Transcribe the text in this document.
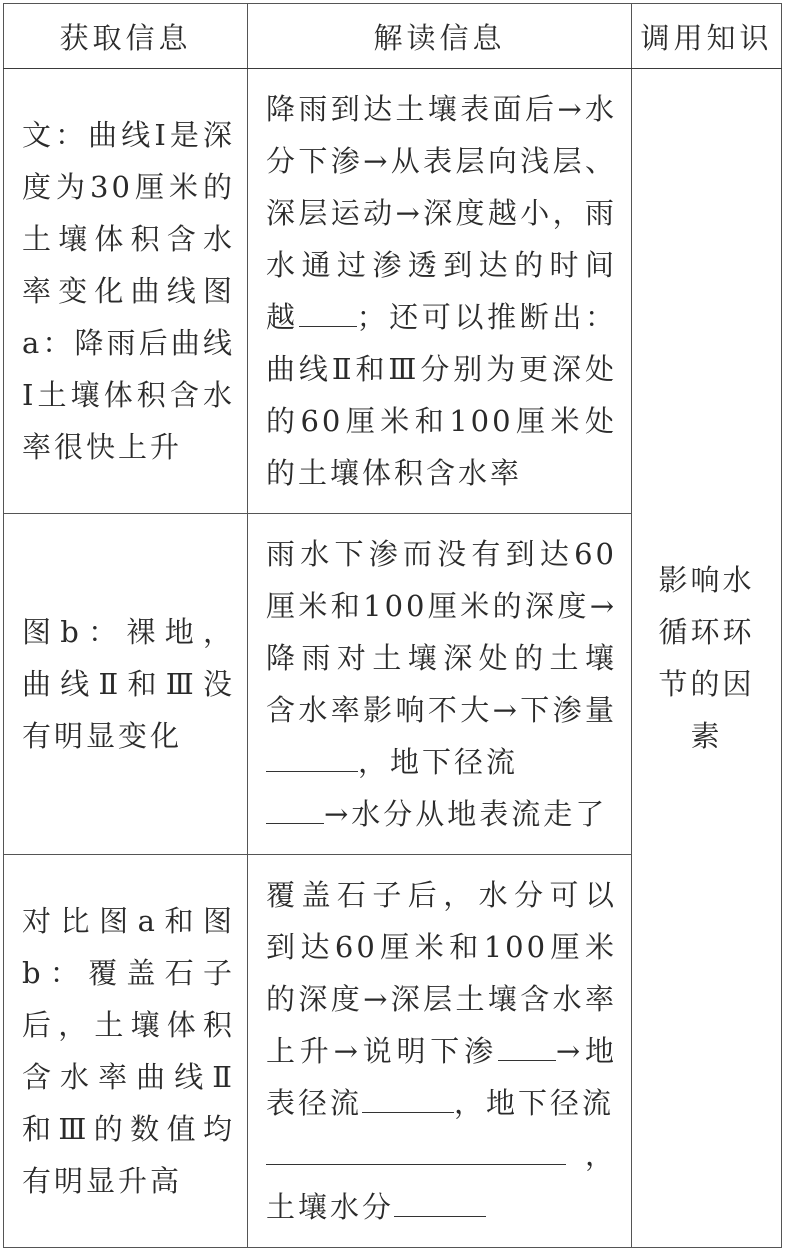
获取信息	解读信息	调用知识
文：曲线Ⅰ是深度为30厘米的土壤体积含水率变化曲线图a：降雨后曲线Ⅰ土壤体积含水率很快上升	降雨到达土壤表面后→水分下渗→从表层向浅层、深层运动→深度越小，雨水通过渗透到达的时间越 ；还可以推断出：曲线Ⅱ和Ⅲ分别为更深处的60厘米和100厘米处的土壤体积含水率	影响水循环环节的因素
图b：裸地，曲线Ⅱ和Ⅲ没有明显变化	雨水下渗而没有到达60厘米和100厘米的深度→降雨对土壤深处的土壤含水率影响不大→下渗量，地下径流
→水分从地表流走了	
对比图a和图b：覆盖石子后，土壤体积含水率曲线Ⅱ和Ⅲ的数值均有明显升高	覆盖石子后，水分可以到达60厘米和100厘米的深度→深层土壤含水率上升→说明下渗 →地表径流 ，地下径流
，土壤水分	
